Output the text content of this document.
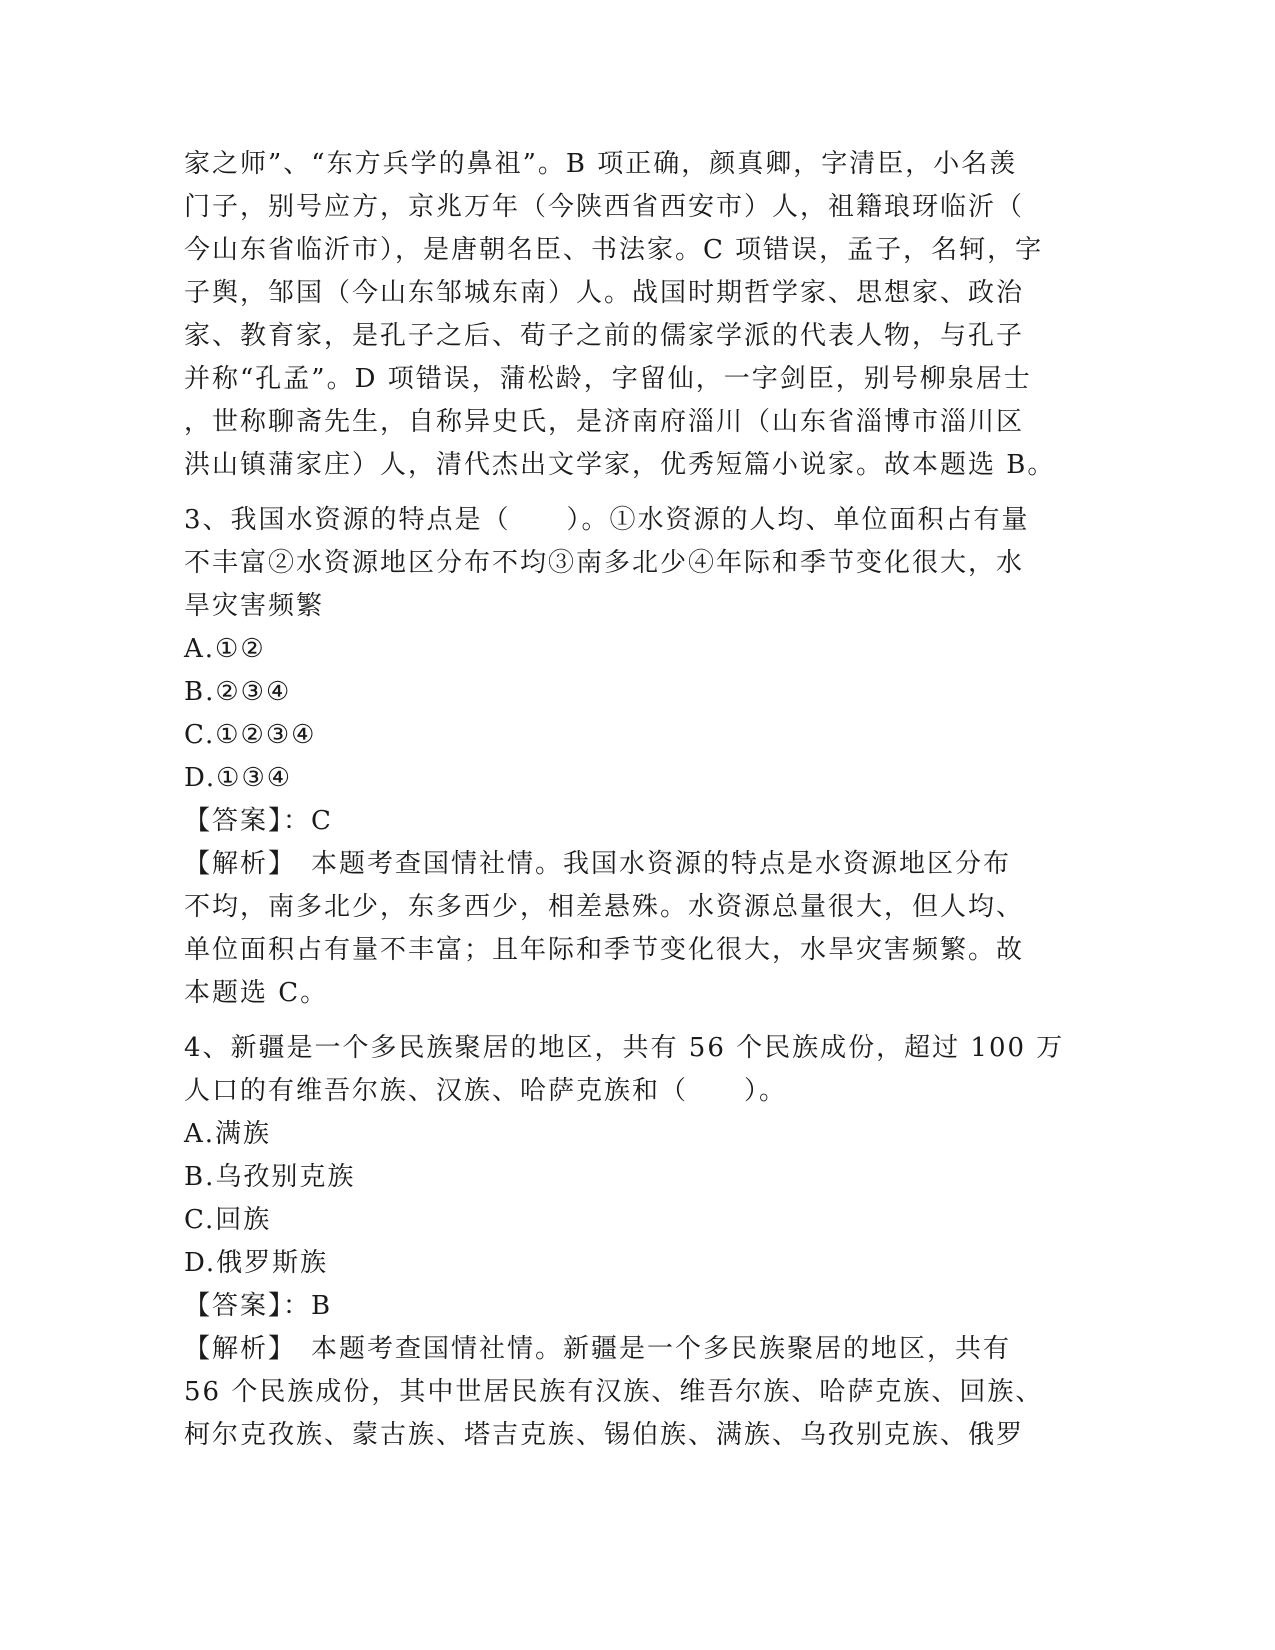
家之师”、“东方兵学的鼻祖”。B 项正确，颜真卿，字清臣，小名羡
门子，别号应方，京兆万年（今陕西省西安市）人，祖籍琅玡临沂（
今山东省临沂市），是唐朝名臣、书法家。C 项错误，孟子，名轲，字
子舆，邹国（今山东邹城东南）人。战国时期哲学家、思想家、政治
家、教育家，是孔子之后、荀子之前的儒家学派的代表人物，与孔子
并称“孔孟”。D 项错误，蒲松龄，字留仙，一字剑臣，别号柳泉居士
，世称聊斋先生，自称异史氏，是济南府淄川（山东省淄博市淄川区
洪山镇蒲家庄）人，清代杰出文学家，优秀短篇小说家。故本题选 B。
3、我国水资源的特点是（　　）。①水资源的人均、单位面积占有量
不丰富②水资源地区分布不均③南多北少④年际和季节变化很大，水
旱灾害频繁
A.①②
B.②③④
C.①②③④
D.①③④
【答案】：C
【解析】　本题考查国情社情。我国水资源的特点是水资源地区分布
不均，南多北少，东多西少，相差悬殊。水资源总量很大，但人均、
单位面积占有量不丰富；且年际和季节变化很大，水旱灾害频繁。故
本题选 C。
4、新疆是一个多民族聚居的地区，共有 56 个民族成份，超过 100 万
人口的有维吾尔族、汉族、哈萨克族和（　　）。
A.满族
B.乌孜别克族
C.回族
D.俄罗斯族
【答案】：B
【解析】　本题考查国情社情。新疆是一个多民族聚居的地区，共有
56 个民族成份，其中世居民族有汉族、维吾尔族、哈萨克族、回族、
柯尔克孜族、蒙古族、塔吉克族、锡伯族、满族、乌孜别克族、俄罗
